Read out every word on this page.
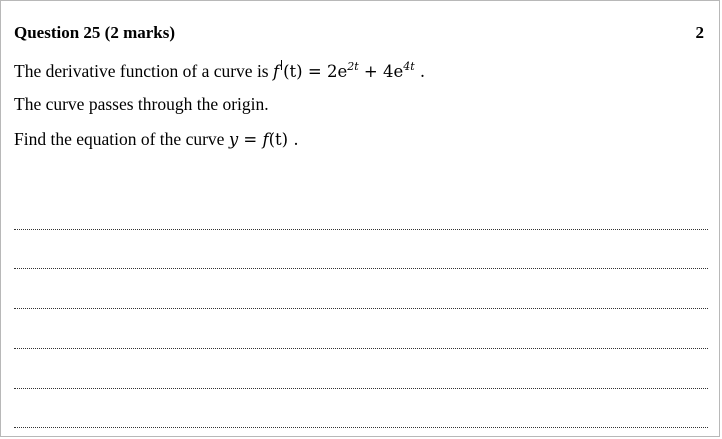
Question 25 (2 marks)	2
The derivative function of a curve is f $(t) = 2e^{2t} + 4e^{4t}$ .
The curve passes through the origin.
Find the equation of the curve y = f(t) .
